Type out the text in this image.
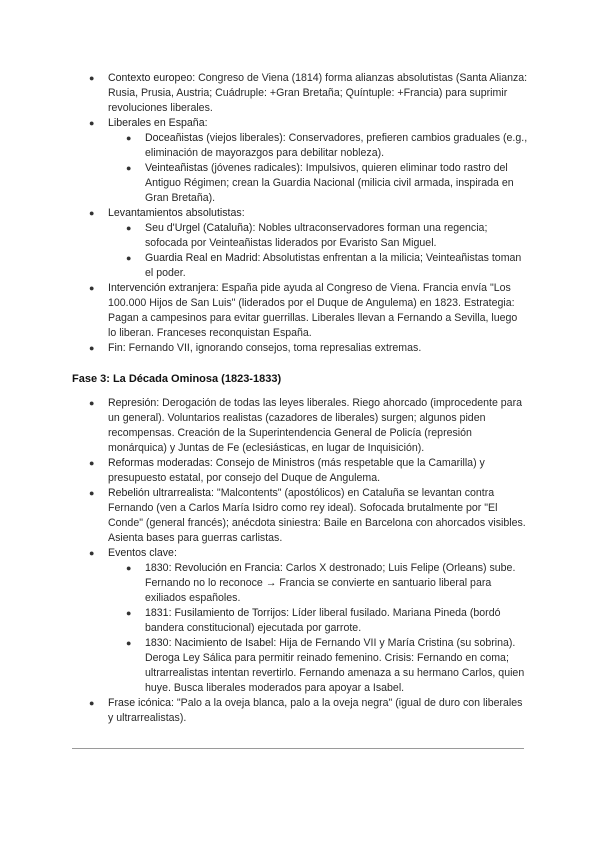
● Contexto europeo: Congreso de Viena (1814) forma alianzas absolutistas (Santa Alianza: Rusia, Prusia, Austria; Cuádruple: +Gran Bretaña; Quíntuple: +Francia) para suprimir revoluciones liberales.
● Liberales en España:
● Doceañistas (viejos liberales): Conservadores, prefieren cambios graduales (e.g., eliminación de mayorazgos para debilitar nobleza).
● Veinteañistas (jóvenes radicales): Impulsivos, quieren eliminar todo rastro del Antiguo Régimen; crean la Guardia Nacional (milicia civil armada, inspirada en Gran Bretaña).
● Levantamientos absolutistas:
● Seu d'Urgel (Cataluña): Nobles ultraconservadores forman una regencia; sofocada por Veinteañistas liderados por Evaristo San Miguel.
● Guardia Real en Madrid: Absolutistas enfrentan a la milicia; Veinteañistas toman el poder.
● Intervención extranjera: España pide ayuda al Congreso de Viena. Francia envía "Los 100.000 Hijos de San Luis" (liderados por el Duque de Angulema) en 1823. Estrategia: Pagan a campesinos para evitar guerrillas. Liberales llevan a Fernando a Sevilla, luego lo liberan. Franceses reconquistan España.
● Fin: Fernando VII, ignorando consejos, toma represalias extremas.
Fase 3: La Década Ominosa (1823-1833)
● Represión: Derogación de todas las leyes liberales. Riego ahorcado (improcedente para un general). Voluntarios realistas (cazadores de liberales) surgen; algunos piden recompensas. Creación de la Superintendencia General de Policía (represión monárquica) y Juntas de Fe (eclesiásticas, en lugar de Inquisición).
● Reformas moderadas: Consejo de Ministros (más respetable que la Camarilla) y presupuesto estatal, por consejo del Duque de Angulema.
● Rebelión ultrarrealista: "Malcontents" (apostólicos) en Cataluña se levantan contra Fernando (ven a Carlos María Isidro como rey ideal). Sofocada brutalmente por "El Conde" (general francés); anécdota siniestra: Baile en Barcelona con ahorcados visibles. Asienta bases para guerras carlistas.
● Eventos clave:
● 1830: Revolución en Francia: Carlos X destronado; Luis Felipe (Orleans) sube. Fernando no lo reconoce → Francia se convierte en santuario liberal para exiliados españoles.
● 1831: Fusilamiento de Torrijos: Líder liberal fusilado. Mariana Pineda (bordó bandera constitucional) ejecutada por garrote.
● 1830: Nacimiento de Isabel: Hija de Fernando VII y María Cristina (su sobrina). Deroga Ley Sálica para permitir reinado femenino. Crisis: Fernando en coma; ultrarrealistas intentan revertirlo. Fernando amenaza a su hermano Carlos, quien huye. Busca liberales moderados para apoyar a Isabel.
● Frase icónica: "Palo a la oveja blanca, palo a la oveja negra" (igual de duro con liberales y ultrarrealistas).
